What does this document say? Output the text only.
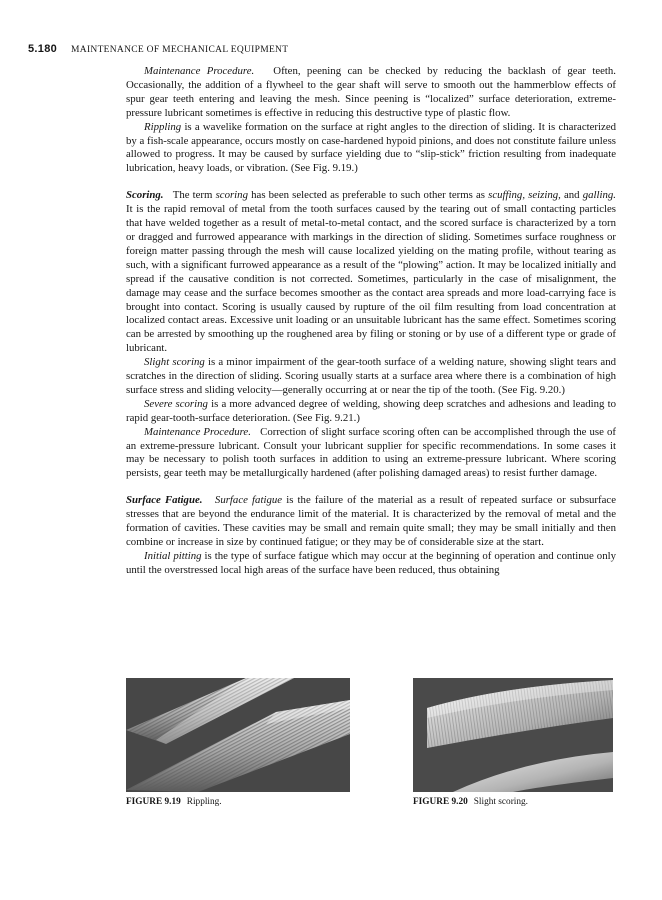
5.180 MAINTENANCE OF MECHANICAL EQUIPMENT

Maintenance Procedure. Often, peening can be checked by reducing the backlash of gear teeth. Occasionally, the addition of a flywheel to the gear shaft will serve to smooth out the hammerblow effects of spur gear teeth entering and leaving the mesh. Since peening is “localized” surface deterioration, extreme-pressure lubricant sometimes is effective in reducing this destructive type of plastic flow.

Rippling is a wavelike formation on the surface at right angles to the direction of sliding. It is characterized by a fish-scale appearance, occurs mostly on case-hardened hypoid pinions, and does not constitute failure unless allowed to progress. It may be caused by surface yielding due to “slip-stick” friction resulting from inadequate lubrication, heavy loads, or vibration. (See Fig. 9.19.)

Scoring. The term scoring has been selected as preferable to such other terms as scuffing, seizing, and galling. It is the rapid removal of metal from the tooth surfaces caused by the tearing out of small contacting particles that have welded together as a result of metal-to-metal contact, and the scored surface is characterized by a torn or dragged and furrowed appearance with markings in the direction of sliding. Sometimes surface roughness or foreign matter passing through the mesh will cause localized yielding on the mating profile, without tearing as such, with a significant furrowed appearance as a result of the “plowing” action. It may be localized initially and spread if the causative condition is not corrected. Sometimes, particularly in the case of misalignment, the damage may cease and the surface becomes smoother as the contact area spreads and more load-carrying face is brought into contact. Scoring is usually caused by rupture of the oil film resulting from load concentration at localized contact areas. Excessive unit loading or an unsuitable lubricant has the same effect. Sometimes scoring can be arrested by smoothing up the roughened area by filing or stoning or by use of a different type or grade of lubricant.

Slight scoring is a minor impairment of the gear-tooth surface of a welding nature, showing slight tears and scratches in the direction of sliding. Scoring usually starts at a surface area where there is a combination of high surface stress and sliding velocity—generally occurring at or near the tip of the tooth. (See Fig. 9.20.)

Severe scoring is a more advanced degree of welding, showing deep scratches and adhesions and leading to rapid gear-tooth-surface deterioration. (See Fig. 9.21.)

Maintenance Procedure. Correction of slight surface scoring often can be accomplished through the use of an extreme-pressure lubricant. Consult your lubricant supplier for specific recommendations. In some cases it may be necessary to polish tooth surfaces in addition to using an extreme-pressure lubricant. Where scoring persists, gear teeth may be metallurgically hardened (after polishing damaged areas) to resist further damage.

Surface Fatigue. Surface fatigue is the failure of the material as a result of repeated surface or subsurface stresses that are beyond the endurance limit of the material. It is characterized by the removal of metal and the formation of cavities. These cavities may be small and remain quite small; they may be small initially and then combine or increase in size by continued fatigue; or they may be of considerable size at the start.

Initial pitting is the type of surface fatigue which may occur at the beginning of operation and continue only until the overstressed local high areas of the surface have been reduced, thus obtaining

FIGURE 9.19 Rippling.	FIGURE 9.20 Slight scoring.
